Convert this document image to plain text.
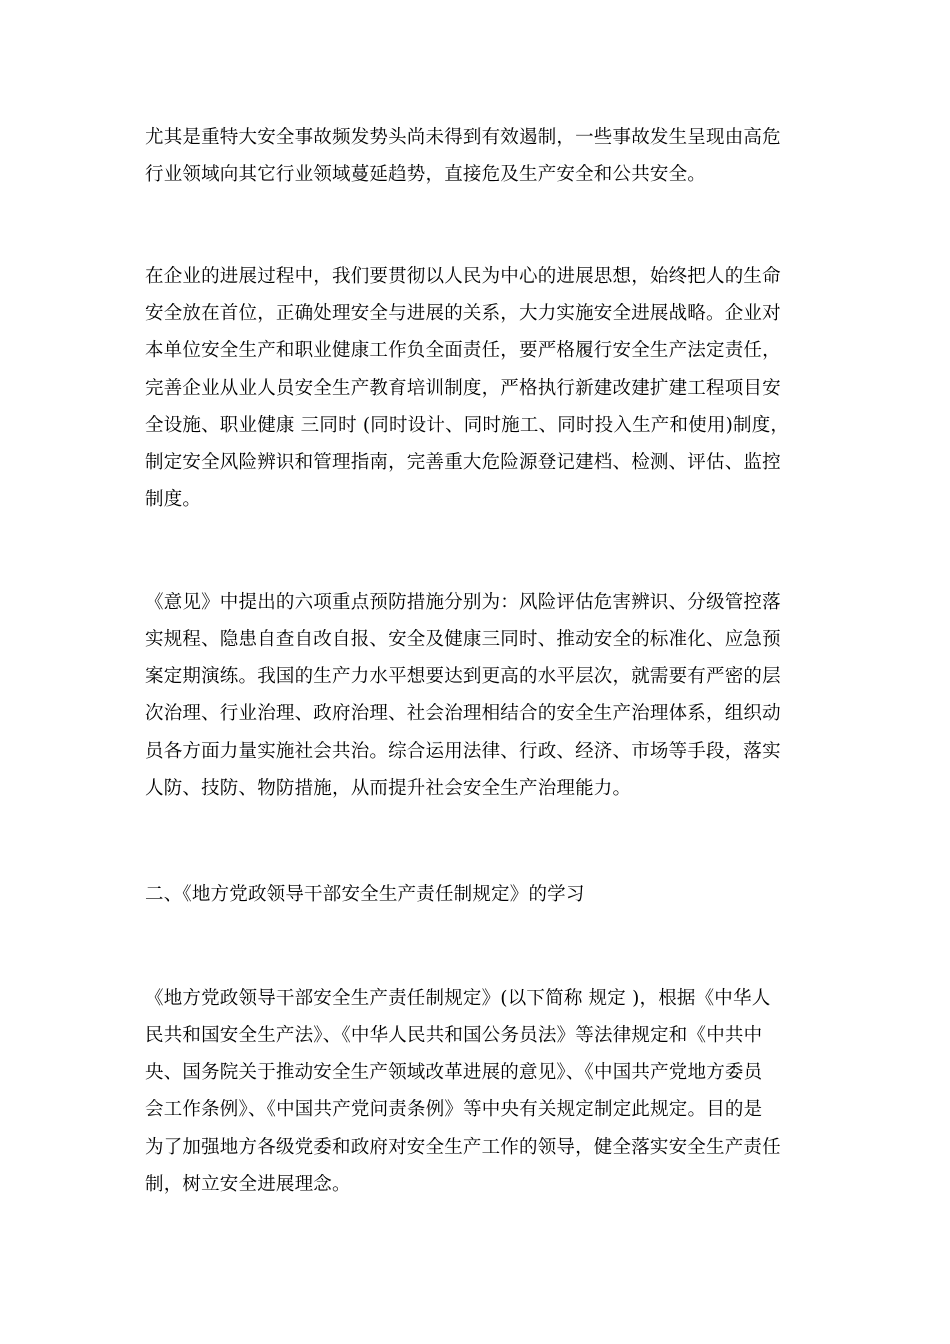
尤其是重特大安全事故频发势头尚未得到有效遏制，一些事故发生呈现由高危
行业领域向其它行业领域蔓延趋势，直接危及生产安全和公共安全。
在企业的进展过程中，我们要贯彻以人民为中心的进展思想，始终把人的生命
安全放在首位，正确处理安全与进展的关系，大力实施安全进展战略。企业对
本单位安全生产和职业健康工作负全面责任，要严格履行安全生产法定责任，
完善企业从业人员安全生产教育培训制度，严格执行新建改建扩建工程项目安
全设施、职业健康 三同时 (同时设计、同时施工、同时投入生产和使用)制度，
制定安全风险辨识和管理指南，完善重大危险源登记建档、检测、评估、监控
制度。
《意见》中提出的六项重点预防措施分别为：风险评估危害辨识、分级管控落
实规程、隐患自查自改自报、安全及健康三同时、推动安全的标准化、应急预
案定期演练。我国的生产力水平想要达到更高的水平层次，就需要有严密的层
次治理、行业治理、政府治理、社会治理相结合的安全生产治理体系，组织动
员各方面力量实施社会共治。综合运用法律、行政、经济、市场等手段，落实
人防、技防、物防措施，从而提升社会安全生产治理能力。
二、《地方党政领导干部安全生产责任制规定》的学习
《地方党政领导干部安全生产责任制规定》(以下简称 规定 )，根据《中华人
民共和国安全生产法》、《中华人民共和国公务员法》等法律规定和《中共中
央、国务院关于推动安全生产领域改革进展的意见》、《中国共产党地方委员
会工作条例》、《中国共产党问责条例》等中央有关规定制定此规定。目的是
为了加强地方各级党委和政府对安全生产工作的领导，健全落实安全生产责任
制，树立安全进展理念。
